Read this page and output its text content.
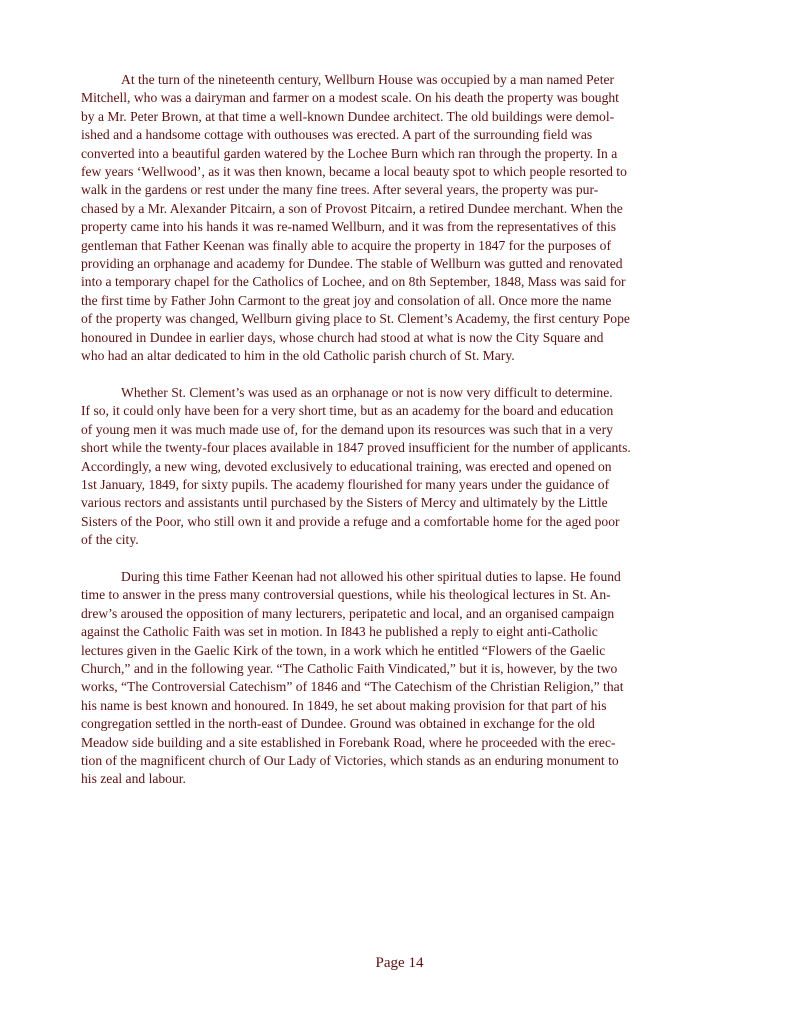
At the turn of the nineteenth century, Wellburn House was occupied by a man named Peter
Mitchell, who was a dairyman and farmer on a modest scale. On his death the property was bought
by a Mr. Peter Brown, at that time a well-known Dundee architect. The old buildings were demol-
ished and a handsome cottage with outhouses was erected. A part of the surrounding field was
converted into a beautiful garden watered by the Lochee Burn which ran through the property. In a
few years ‘Wellwood’, as it was then known, became a local beauty spot to which people resorted to
walk in the gardens or rest under the many fine trees. After several years, the property was pur-
chased by a Mr. Alexander Pitcairn, a son of Provost Pitcairn, a retired Dundee merchant. When the
property came into his hands it was re-named Wellburn, and it was from the representatives of this
gentleman that Father Keenan was finally able to acquire the property in 1847 for the purposes of
providing an orphanage and academy for Dundee. The stable of Wellburn was gutted and renovated
into a temporary chapel for the Catholics of Lochee, and on 8th September, 1848, Mass was said for
the first time by Father John Carmont to the great joy and consolation of all. Once more the name
of the property was changed, Wellburn giving place to St. Clement’s Academy, the first century Pope
honoured in Dundee in earlier days, whose church had stood at what is now the City Square and
who had an altar dedicated to him in the old Catholic parish church of St. Mary.

Whether St. Clement’s was used as an orphanage or not is now very difficult to determine.
If so, it could only have been for a very short time, but as an academy for the board and education
of young men it was much made use of, for the demand upon its resources was such that in a very
short while the twenty-four places available in 1847 proved insufficient for the number of applicants.
Accordingly, a new wing, devoted exclusively to educational training, was erected and opened on
1st January, 1849, for sixty pupils. The academy flourished for many years under the guidance of
various rectors and assistants until purchased by the Sisters of Mercy and ultimately by the Little
Sisters of the Poor, who still own it and provide a refuge and a comfortable home for the aged poor
of the city.

During this time Father Keenan had not allowed his other spiritual duties to lapse. He found
time to answer in the press many controversial questions, while his theological lectures in St. An-
drew’s aroused the opposition of many lecturers, peripatetic and local, and an organised campaign
against the Catholic Faith was set in motion. In I843 he published a reply to eight anti-Catholic
lectures given in the Gaelic Kirk of the town, in a work which he entitled “Flowers of the Gaelic
Church,” and in the following year. “The Catholic Faith Vindicated,” but it is, however, by the two
works, “The Controversial Catechism” of 1846 and “The Catechism of the Christian Religion,” that
his name is best known and honoured. In 1849, he set about making provision for that part of his
congregation settled in the north-east of Dundee. Ground was obtained in exchange for the old
Meadow side building and a site established in Forebank Road, where he proceeded with the erec-
tion of the magnificent church of Our Lady of Victories, which stands as an enduring monument to
his zeal and labour.

Page 14
